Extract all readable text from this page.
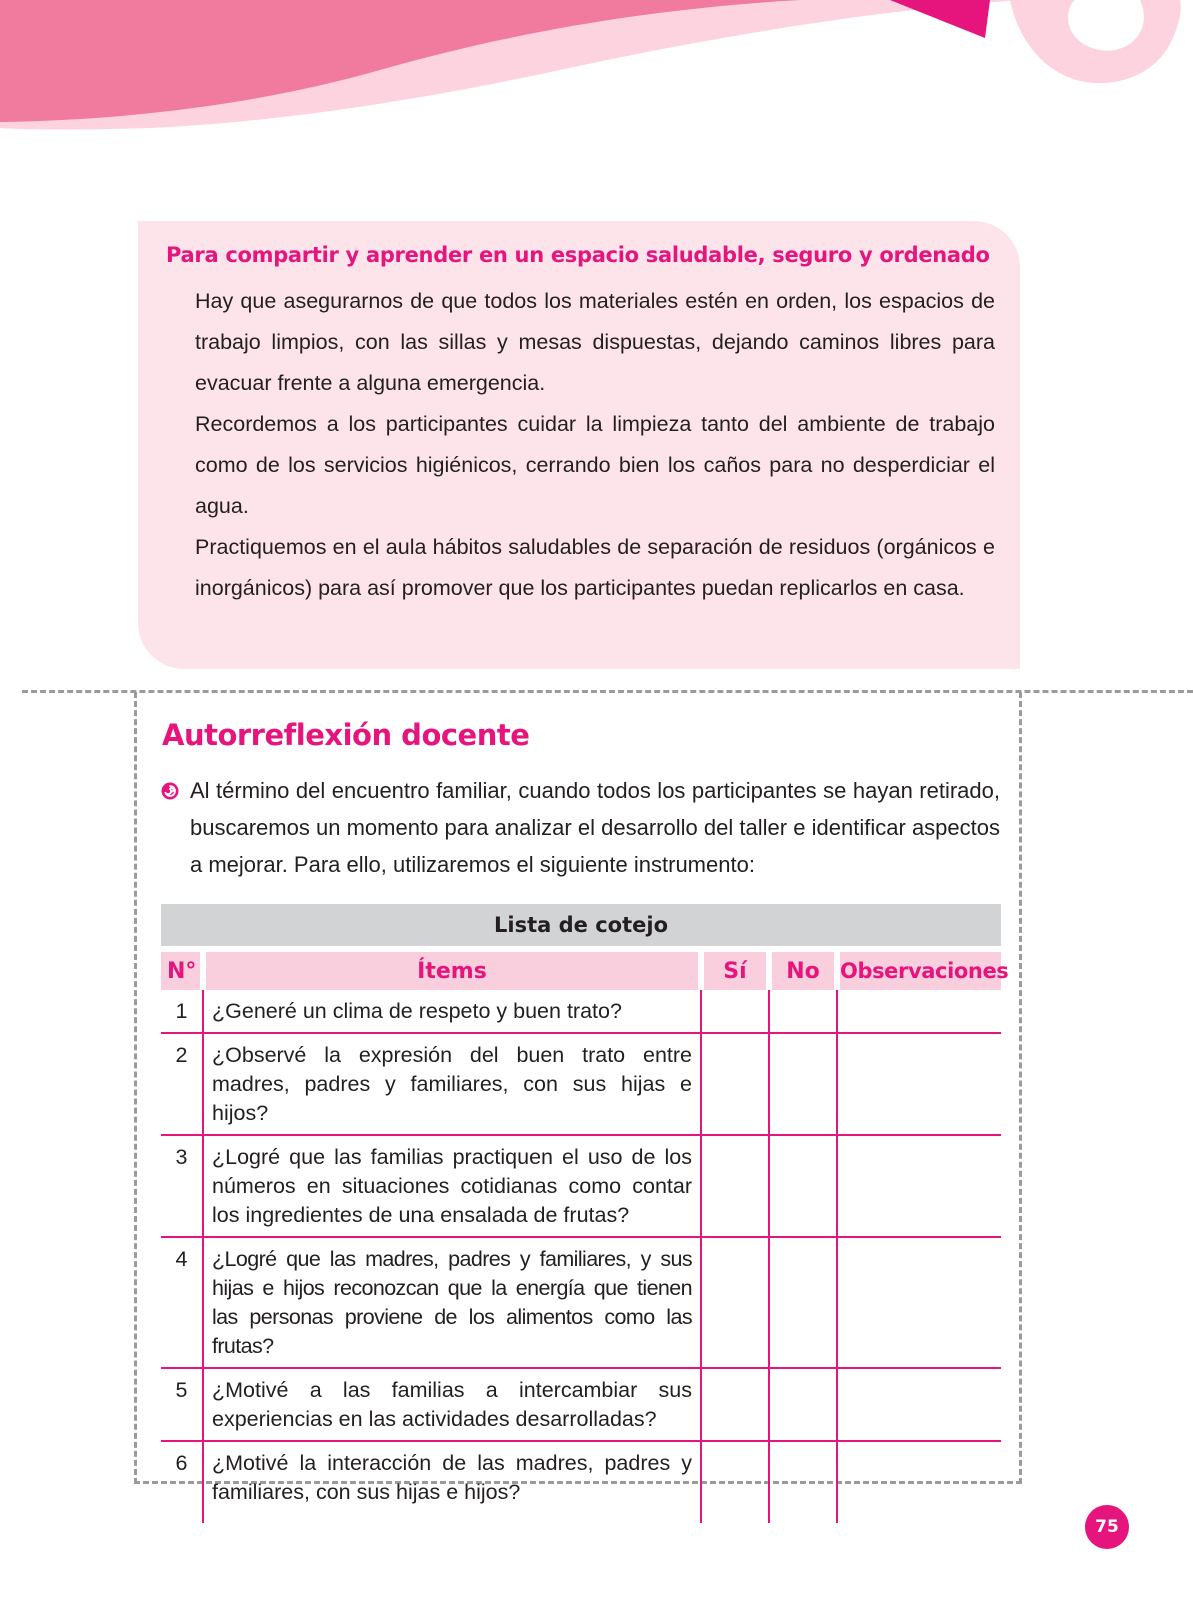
Para compartir y aprender en un espacio saludable, seguro y ordenado

Hay que asegurarnos de que todos los materiales estén en orden, los espacios de trabajo limpios, con las sillas y mesas dispuestas, dejando caminos libres para evacuar frente a alguna emergencia.

Recordemos a los participantes cuidar la limpieza tanto del ambiente de trabajo como de los servicios higiénicos, cerrando bien los caños para no desperdiciar el agua.

Practiquemos en el aula hábitos saludables de separación de residuos (orgánicos e inorgánicos) para así promover que los participantes puedan replicarlos en casa.

Autorreflexión docente

Al término del encuentro familiar, cuando todos los participantes se hayan retirado, buscaremos un momento para analizar el desarrollo del taller e identificar aspectos a mejorar. Para ello, utilizaremos el siguiente instrumento:

Lista de cotejo				
N°	Ítems	Sí	No	Observaciones
1	¿Generé un clima de respeto y buen trato?			
2	¿Observé la expresión del buen trato entre madres, padres y familiares, con sus hijas e hijos?			
3	¿Logré que las familias practiquen el uso de los números en situaciones cotidianas como contar los ingredientes de una ensalada de frutas?			
4	¿Logré que las madres, padres y familiares, y sus hijas e hijos reconozcan que la energía que tienen las personas proviene de los alimentos como las frutas?			
5	¿Motivé a las familias a intercambiar sus experiencias en las actividades desarrolladas?			
6	¿Motivé la interacción de las madres, padres y familiares, con sus hijas e hijos?			
75
